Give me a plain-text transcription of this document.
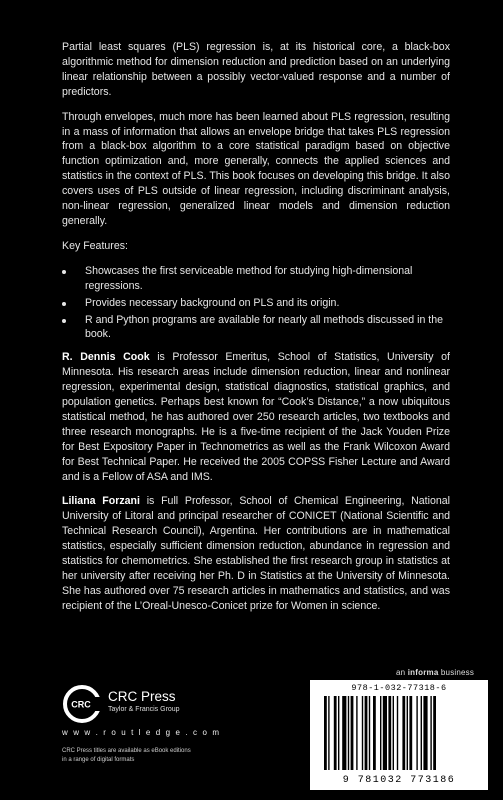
Partial least squares (PLS) regression is, at its historical core, a black-box algorithmic method for dimension reduction and prediction based on an underlying linear relationship between a possibly vector-valued response and a number of predictors.

Through envelopes, much more has been learned about PLS regression, resulting in a mass of information that allows an envelope bridge that takes PLS regression from a black-box algorithm to a core statistical paradigm based on objective function optimization and, more generally, connects the applied sciences and statistics in the context of PLS. This book focuses on developing this bridge. It also covers uses of PLS outside of linear regression, including discriminant analysis, non-linear regression, generalized linear models and dimension reduction generally.

Key Features:

Showcases the first serviceable method for studying high-dimensional regressions.
Provides necessary background on PLS and its origin.
R and Python programs are available for nearly all methods discussed in the book.

R. Dennis Cook is Professor Emeritus, School of Statistics, University of Minnesota. His research areas include dimension reduction, linear and nonlinear regression, experimental design, statistical diagnostics, statistical graphics, and population genetics. Perhaps best known for “Cook’s Distance,” a now ubiquitous statistical method, he has authored over 250 research articles, two textbooks and three research monographs. He is a five-time recipient of the Jack Youden Prize for Best Expository Paper in Technometrics as well as the Frank Wilcoxon Award for Best Technical Paper. He received the 2005 COPSS Fisher Lecture and Award and is a Fellow of ASA and IMS.

Liliana Forzani is Full Professor, School of Chemical Engineering, National University of Litoral and principal researcher of CONICET (National Scientific and Technical Research Council), Argentina. Her contributions are in mathematical statistics, especially sufficient dimension reduction, abundance in regression and statistics for chemometrics. She established the first research group in statistics at her university after receiving her Ph. D in Statistics at the University of Minnesota. She has authored over 75 research articles in mathematics and statistics, and was recipient of the L’Oreal-Unesco-Conicet prize for Women in science.

an informa business
CRC
CRC Press
Taylor & Francis Group
w w w . r o u t l e d g e . c o m
CRC Press titles are available as eBook editions in a range of digital formats
978-1-032-77318-6
9 781032 773186
